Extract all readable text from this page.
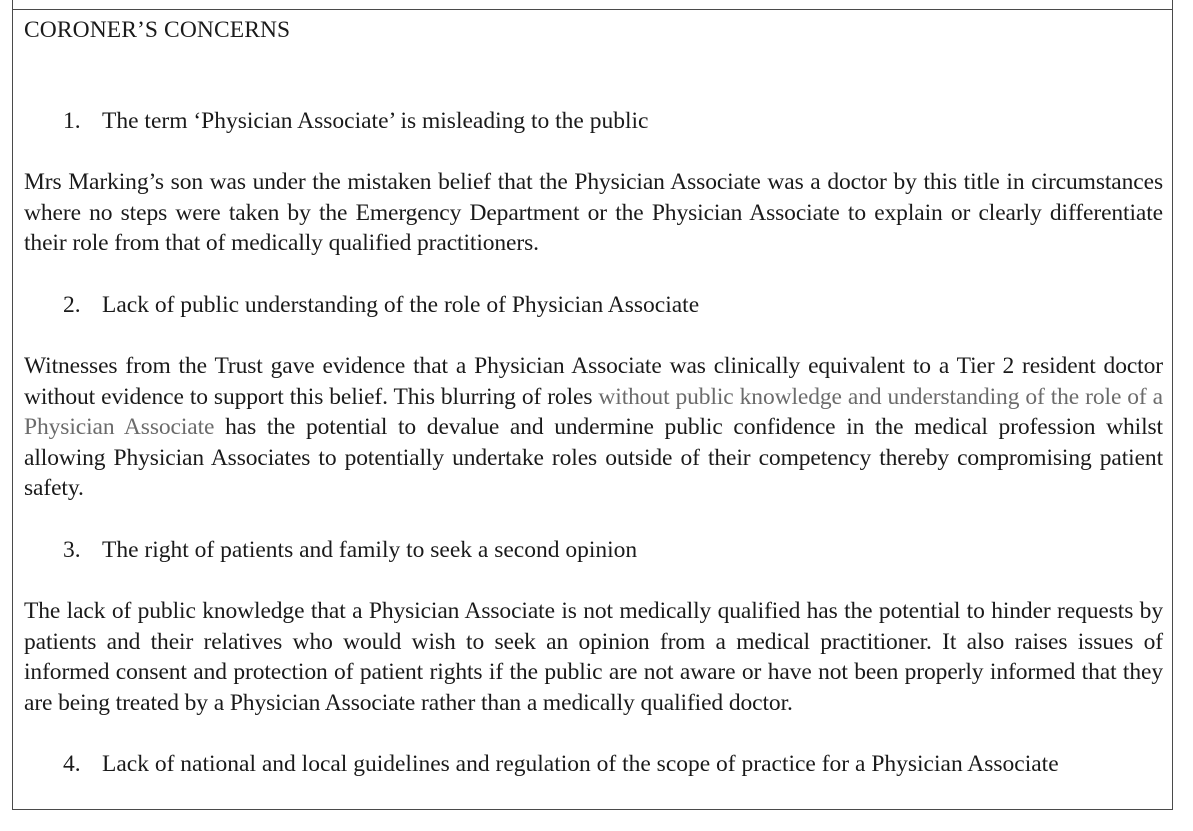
CORONER’S CONCERNS

1. The term ‘Physician Associate’ is misleading to the public

Mrs Marking’s son was under the mistaken belief that the Physician Associate was a doctor by this title in circumstances where no steps were taken by the Emergency Department or the Physician Associate to explain or clearly differentiate their role from that of medically qualified practitioners.

2. Lack of public understanding of the role of Physician Associate

Witnesses from the Trust gave evidence that a Physician Associate was clinically equivalent to a Tier 2 resident doctor without evidence to support this belief. This blurring of roles without public knowledge and understanding of the role of a Physician Associate has the potential to devalue and undermine public confidence in the medical profession whilst allowing Physician Associates to potentially undertake roles outside of their competency thereby compromising patient safety.

3. The right of patients and family to seek a second opinion

The lack of public knowledge that a Physician Associate is not medically qualified has the potential to hinder requests by patients and their relatives who would wish to seek an opinion from a medical practitioner. It also raises issues of informed consent and protection of patient rights if the public are not aware or have not been properly informed that they are being treated by a Physician Associate rather than a medically qualified doctor.

4. Lack of national and local guidelines and regulation of the scope of practice for a Physician Associate
